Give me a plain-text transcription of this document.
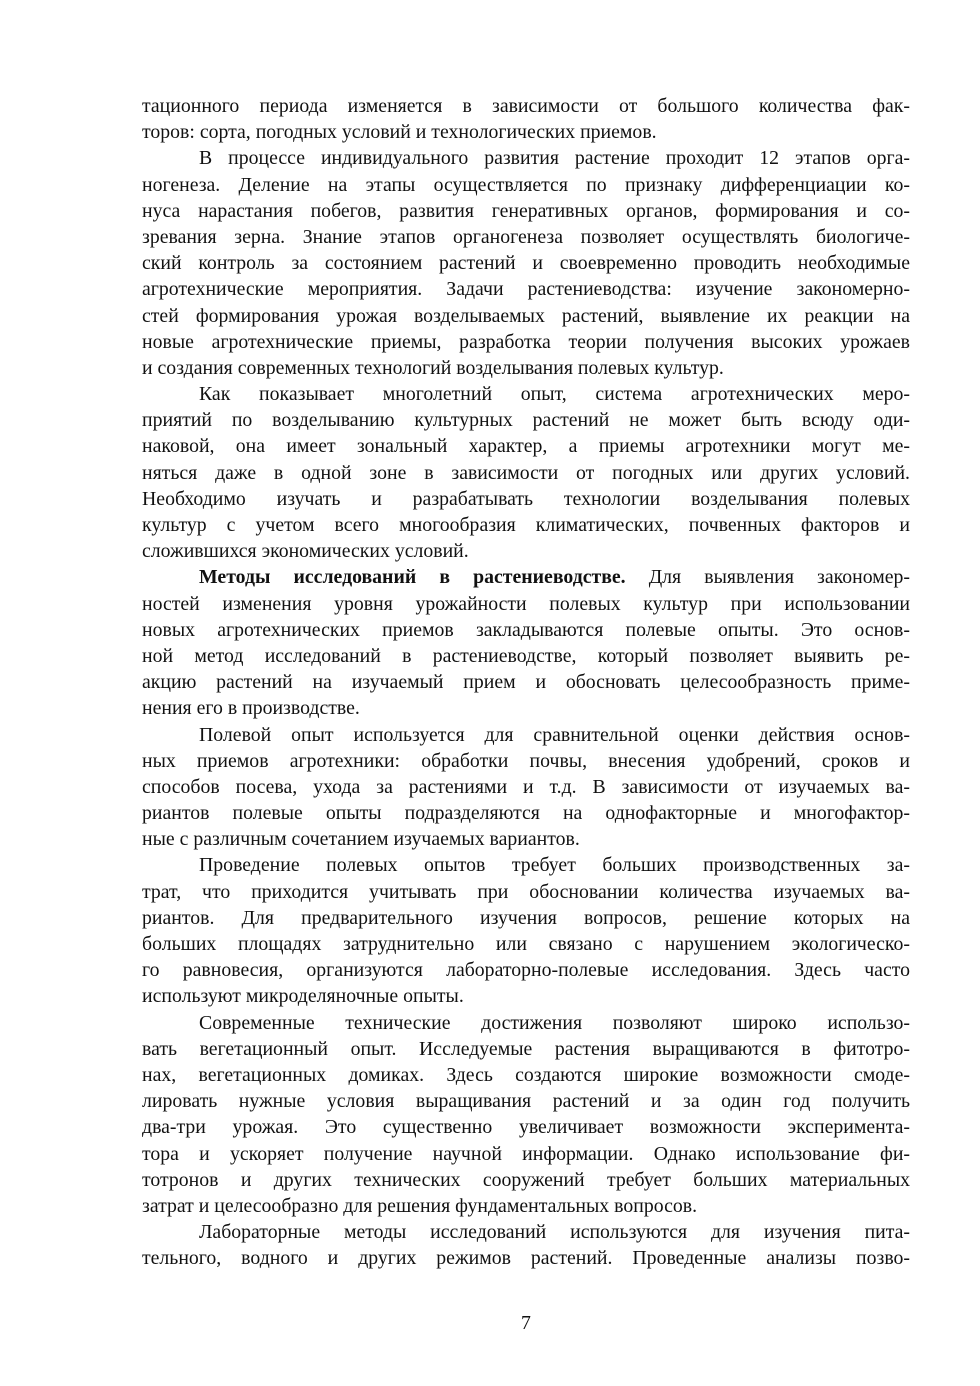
тационного периода изменяется в зависимости от большого количества фак-
торов: сорта, погодных условий и технологических приемов.
В процессе индивидуального развития растение проходит 12 этапов орга-
ногенеза. Деление на этапы осуществляется по признаку дифференциации ко-
нуса нарастания побегов, развития генеративных органов, формирования и со-
зревания зерна. Знание этапов органогенеза позволяет осуществлять биологиче-
ский контроль за состоянием растений и своевременно проводить необходимые
агротехнические мероприятия. Задачи растениеводства: изучение закономерно-
стей формирования урожая возделываемых растений, выявление их реакции на
новые агротехнические приемы, разработка теории получения высоких урожаев
и создания современных технологий возделывания полевых культур.
Как показывает многолетний опыт, система агротехнических меро-
приятий по возделыванию культурных растений не может быть всюду оди-
наковой, она имеет зональный характер, а приемы агротехники могут ме-
няться даже в одной зоне в зависимости от погодных или других условий.
Необходимо изучать и разрабатывать технологии возделывания полевых
культур с учетом всего многообразия климатических, почвенных факторов и
сложившихся экономических условий.
Методы исследований в растениеводстве. Для выявления закономер-
ностей изменения уровня урожайности полевых культур при использовании
новых агротехнических приемов закладываются полевые опыты. Это основ-
ной метод исследований в растениеводстве, который позволяет выявить ре-
акцию растений на изучаемый прием и обосновать целесообразность приме-
нения его в производстве.
Полевой опыт используется для сравнительной оценки действия основ-
ных приемов агротехники: обработки почвы, внесения удобрений, сроков и
способов посева, ухода за растениями и т.д. В зависимости от изучаемых ва-
риантов полевые опыты подразделяются на однофакторные и многофактор-
ные с различным сочетанием изучаемых вариантов.
Проведение полевых опытов требует больших производственных за-
трат, что приходится учитывать при обосновании количества изучаемых ва-
риантов. Для предварительного изучения вопросов, решение которых на
больших площадях затруднительно или связано с нарушением экологическо-
го равновесия, организуются лабораторно-полевые исследования. Здесь часто
используют микроделяночные опыты.
Современные технические достижения позволяют широко использо-
вать вегетационный опыт. Исследуемые растения выращиваются в фитотро-
нах, вегетационных домиках. Здесь создаются широкие возможности смоде-
лировать нужные условия выращивания растений и за один год получить
два-три урожая. Это существенно увеличивает возможности эксперимента-
тора и ускоряет получение научной информации. Однако использование фи-
тотронов и других технических сооружений требует больших материальных
затрат и целесообразно для решения фундаментальных вопросов.
Лабораторные методы исследований используются для изучения пита-
тельного, водного и других режимов растений. Проведенные анализы позво-
7
